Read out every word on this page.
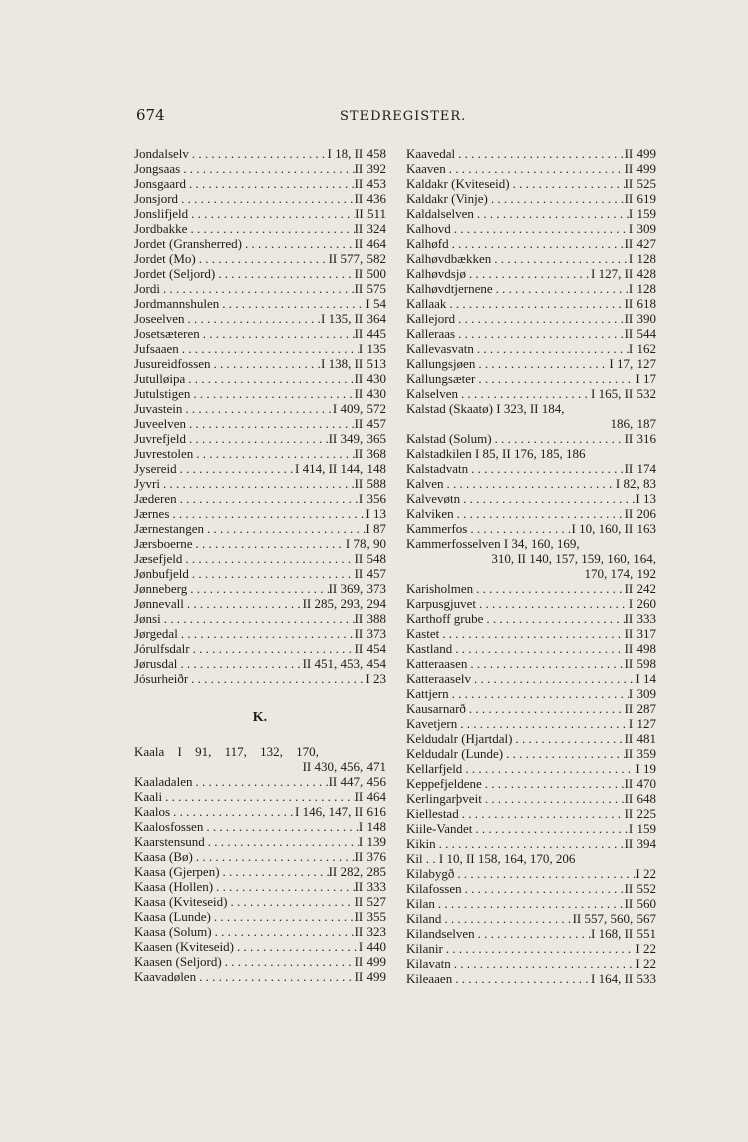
674	STEDREGISTER.
Jondalselv . . .	I 18, II 458
Jongsaas . . .	II 392
Jonsgaard . . .	II 453
Jonsjord . . .	II 436
Jonslifjeld . . .	II 511
Jordbakke . . .	II 324
Jordet (Gransherred) . . .	II 464
Jordet (Mo) . . .	II 577, 582
Jordet (Seljord) . . .	II 500
Jordi . . .	II 575
Jordmannshulen . . .	I 54
Joseelven . . .	I 135, II 364
Josetsæteren . . .	II 445
Jufsaaen . . .	I 135
Jusureidfossen . . .	I 138, II 513
Jutulløipa . . .	II 430
Jutulstigen . . .	II 430
Juvastein . . .	I 409, 572
Juveelven . . .	II 457
Juvrefjeld . . .	II 349, 365
Juvrestolen . . .	II 368
Jysereid . . .	I 414, II 144, 148
Jyvri . . .	II 588
Jæderen . . .	I 356
Jærnes . . .	I 13
Jærnestangen . . .	I 87
Jærsboerne . . .	I 78, 90
Jæsefjeld . . .	II 548
Jønbufjeld . . .	II 457
Jønneberg . . .	II 369, 373
Jønnevall . . .	II 285, 293, 294
Jønsi . . .	II 388
Jørgedal . . .	II 373
Jórulfsdalr . . .	II 454
Jørusdal . . .	II 451, 453, 454
Jósurheiðr . . .	I 23
K.
Kaala I 91, 117, 132, 170,
II 430, 456, 471
Kaaladalen . . .	II 447, 456
Kaali . . .	II 464
Kaalos . . .	I 146, 147, II 616
Kaalosfossen . . .	I 148
Kaarstensund . . .	I 139
Kaasa (Bø) . . .	II 376
Kaasa (Gjerpen) . . .	II 282, 285
Kaasa (Hollen) . . .	II 333
Kaasa (Kviteseid) . . .	II 527
Kaasa (Lunde) . . .	II 355
Kaasa (Solum) . . .	II 323
Kaasen (Kviteseid) . . .	I 440
Kaasen (Seljord) . . .	II 499
Kaavadølen . . .	II 499
Kaavedal . . .	II 499
Kaaven . . .	II 499
Kaldakr (Kviteseid) . . .	II 525
Kaldakr (Vinje) . . .	II 619
Kaldalselven . . .	I 159
Kalhovd . . .	I 309
Kalhøfd . . .	II 427
Kalhøvdbækken . . .	I 128
Kalhøvdsjø . . .	I 127, II 428
Kalhøvdtjernene . . .	I 128
Kallaak . . .	II 618
Kallejord . . .	II 390
Kalleraas . . .	II 544
Kallevasvatn . . .	I 162
Kallungsjøen . . .	I 17, 127
Kallungsæter . . .	I 17
Kalselven . . .	I 165, II 532
Kalstad (Skaatø) I 323, II 184,
186, 187
Kalstad (Solum) . . .	II 316
Kalstadkilen I 85, II 176, 185, 186
Kalstadvatn . . .	II 174
Kalven . . .	I 82, 83
Kalvevøtn . . .	I 13
Kalviken . . .	II 206
Kammerfos . . .	I 10, 160, II 163
Kammerfosselven I 34, 160, 169,
310, II 140, 157, 159, 160, 164,
170, 174, 192
Karisholmen . . .	II 242
Karpusgjuvet . . .	I 260
Karthoff grube . . .	II 333
Kastet . . .	II 317
Kastland . . .	II 498
Katteraasen . . .	II 598
Katteraaselv . . .	I 14
Kattjern . . .	I 309
Kausarnarð . . .	II 287
Kavetjern . . .	I 127
Keldudalr (Hjartdal) . . .	II 481
Keldudalr (Lunde) . . .	II 359
Kellarfjeld . . .	I 19
Keppefjeldene . . .	II 470
Kerlingarþveit . . .	II 648
Kiellestad . . .	II 225
Kiile-Vandet . . .	I 159
Kikin . . .	II 394
Kil . . I 10, II 158, 164, 170, 206
Kilabygð . . .	I 22
Kilafossen . . .	II 552
Kilan . . .	II 560
Kiland . . .	II 557, 560, 567
Kilandselven . . .	I 168, II 551
Kilanir . . .	I 22
Kilavatn . . .	I 22
Kileaaen . . .	I 164, II 533
